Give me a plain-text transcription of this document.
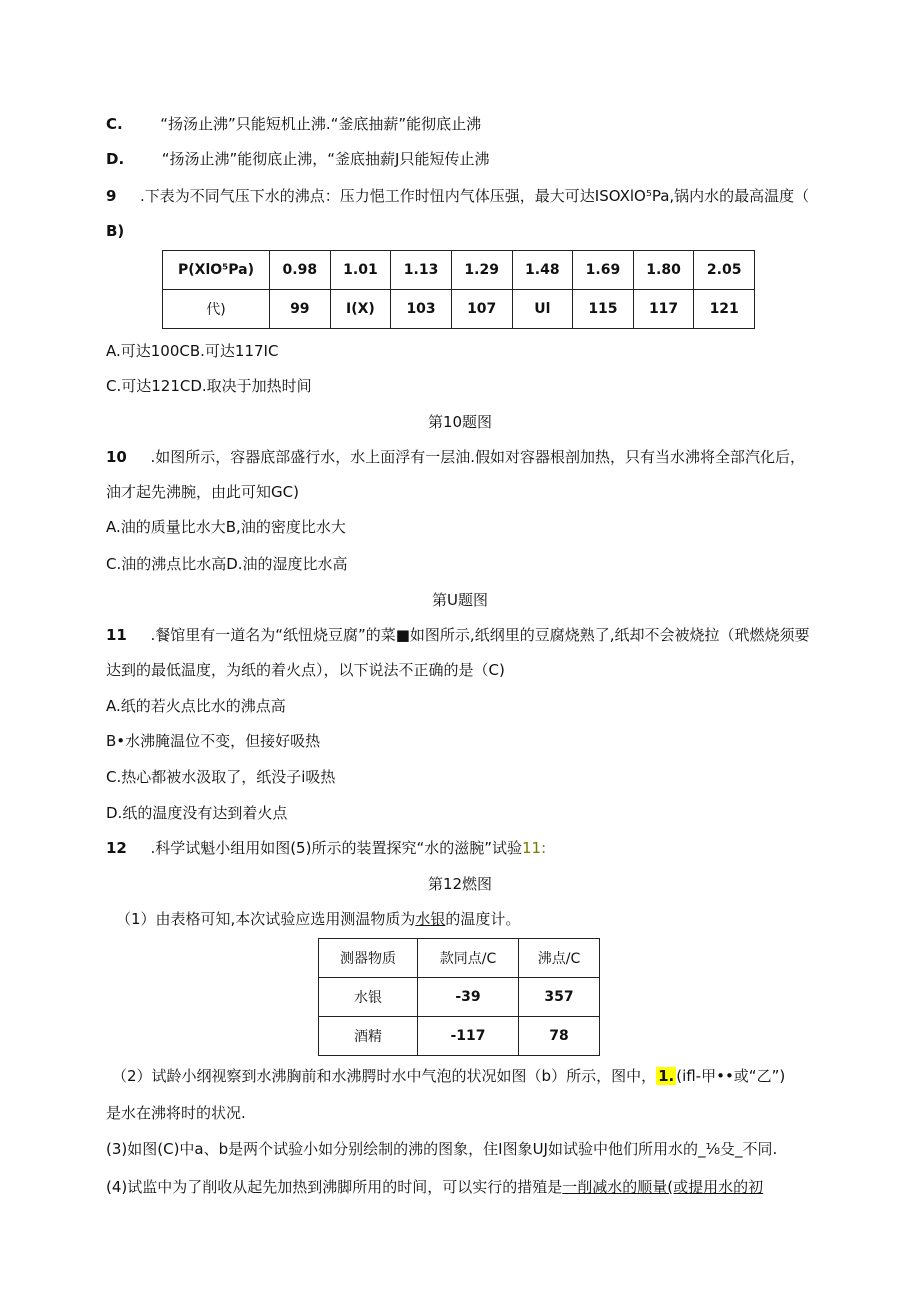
C.	“扬汤止沸”只能短机止沸.“釜底抽薪”能彻底止沸
D.	“扬汤止沸”能彻底止沸，“釜底抽薪J只能短传止沸
9 .下表为不同气压下水的沸点：压力悒工作时忸内气体压强，最大可达ISOXlO⁵Pa,锅内水的最高温度（
B)
P(XlO⁵Pa)	0.98	1.01	1.13	1.29	1.48	1.69	1.80	2.05
代)	99	I(X)	103	107	Ul	115	117	121
A.可达100CB.可达117IC
C.可达121CD.取决于加热时间
第10题图
10 .如图所示，容器底部盛行水，水上面浮有一层油.假如对容器根剖加热，只有当水沸将全部汽化后，
油才起先沸腕，由此可知GC)
A.油的质量比水大B,油的密度比水大
C.油的沸点比水高D.油的湿度比水高
第U题图
11 .餐馆里有一道名为“纸忸烧豆腐”的菜■如图所示,纸纲里的豆腐烧熟了,纸却不会被烧拉（玳燃烧须要
达到的最低温度，为纸的着火点），以下说法不正确的是（C)
A.纸的若火点比水的沸点高
B•水沸腌温位不变，但接好吸热
C.热心都被水汲取了，纸没子i吸热
D.纸的温度没有达到着火点
12 .科学试魁小组用如图(5)所示的装置探究“水的滋腕”试验11:
第12燃图
（1）由表格可知,本次试验应选用测温物质为水银的温度计。
测器物质	款同点/C	沸点/C
水银	-39	357
酒精	-117	78
（2）试龄小纲视察到水沸胸前和水沸腭时水中气泡的状况如图（b）所示，图中， 1. (ifl-甲••或“乙”)
是水在沸将时的状况.
(3)如图(C)中a、b是两个试验小如分别绘制的沸的图象，住I图象UJ如试验中他们所用水的_⅛殳_不同.
(4)试监中为了削收从起先加热到沸脚所用的时间，可以实行的措殖是一削减水的顺量(或提用水的初
